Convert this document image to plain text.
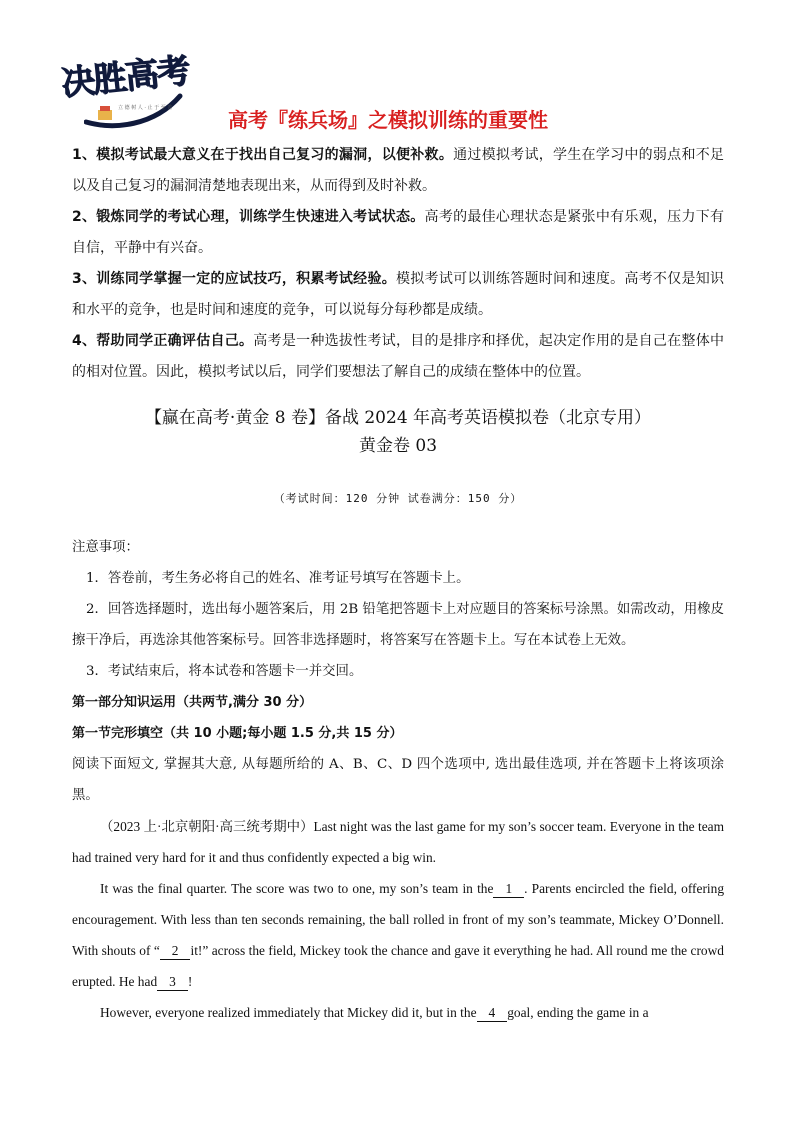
决胜高考
立 德 树 人 · 止 于 至 善	高考『练兵场』之模拟训练的重要性

1、模拟考试最大意义在于找出自己复习的漏洞，以便补救。通过模拟考试，学生在学习中的弱点和不足以及自己复习的漏洞清楚地表现出来，从而得到及时补救。

2、锻炼同学的考试心理，训练学生快速进入考试状态。高考的最佳心理状态是紧张中有乐观，压力下有自信，平静中有兴奋。

3、训练同学掌握一定的应试技巧，积累考试经验。模拟考试可以训练答题时间和速度。高考不仅是知识和水平的竞争，也是时间和速度的竞争，可以说每分每秒都是成绩。

4、帮助同学正确评估自己。高考是一种选拔性考试，目的是排序和择优，起决定作用的是自己在整体中的相对位置。因此，模拟考试以后，同学们要想法了解自己的成绩在整体中的位置。

【赢在高考·黄金 8 卷】备战 2024 年高考英语模拟卷（北京专用）
黄金卷 03
（考试时间：120 分钟 试卷满分：150 分）

注意事项：

1．答卷前，考生务必将自己的姓名、准考证号填写在答题卡上。

2．回答选择题时，选出每小题答案后，用 2B 铅笔把答题卡上对应题目的答案标号涂黑。如需改动，用橡皮擦干净后，再选涂其他答案标号。回答非选择题时，将答案写在答题卡上。写在本试卷上无效。

3．考试结束后，将本试卷和答题卡一并交回。

第一部分知识运用（共两节,满分 30 分）

第一节完形填空（共 10 小题;每小题 1.5 分,共 15 分）

阅读下面短文, 掌握其大意, 从每题所给的 A、B、C、D 四个选项中, 选出最佳选项, 并在答题卡上将该项涂黑。

（2023 上·北京朝阳·高三统考期中）Last night was the last game for my son’s soccer team. Everyone in the team had trained very hard for it and thus confidently expected a big win.

It was the final quarter. The score was two to one, my son’s team in the 1 . Parents encircled the field, offering encouragement. With less than ten seconds remaining, the ball rolled in front of my son’s teammate, Mickey O’Donnell. With shouts of “ 2 it!” across the field, Mickey took the chance and gave it everything he had. All round me the crowd erupted. He had 3 !

However, everyone realized immediately that Mickey did it, but in the 4 goal, ending the game in a
